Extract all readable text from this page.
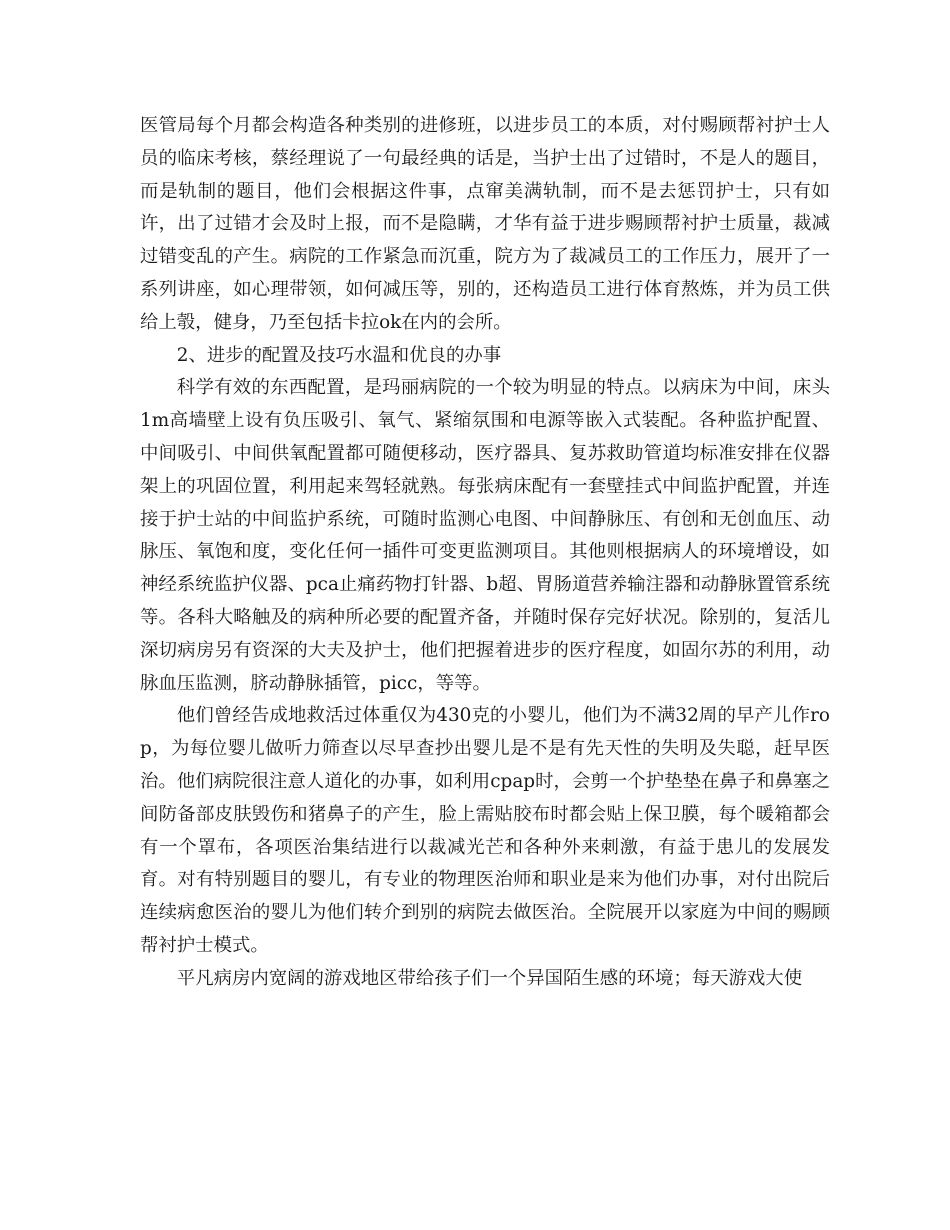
医管局每个月都会构造各种类别的进修班，以进步员工的本质，对付赐顾帮衬护士人员的临床考核，蔡经理说了一句最经典的话是，当护士出了过错时，不是人的题目，而是轨制的题目，他们会根据这件事，点窜美满轨制，而不是去惩罚护士，只有如许，出了过错才会及时上报，而不是隐瞒，才华有益于进步赐顾帮衬护士质量，裁减过错变乱的产生。病院的工作紧急而沉重，院方为了裁减员工的工作压力，展开了一系列讲座，如心理带领，如何减压等，别的，还构造员工进行体育熬炼，并为员工供给上彀，健身，乃至包括卡拉ok在内的会所。

2、进步的配置及技巧水温和优良的办事

科学有效的东西配置，是玛丽病院的一个较为明显的特点。以病床为中间，床头1m高墙壁上设有负压吸引、氧气、紧缩氛围和电源等嵌入式装配。各种监护配置、中间吸引、中间供氧配置都可随便移动，医疗器具、复苏救助管道均标准安排在仪器架上的巩固位置，利用起来驾轻就熟。每张病床配有一套壁挂式中间监护配置，并连接于护士站的中间监护系统，可随时监测心电图、中间静脉压、有创和无创血压、动脉压、氧饱和度，变化任何一插件可变更监测项目。其他则根据病人的环境增设，如神经系统监护仪器、pca止痛药物打针器、b超、胃肠道营养输注器和动静脉置管系统等。各科大略触及的病种所必要的配置齐备，并随时保存完好状况。除别的，复活儿深切病房另有资深的大夫及护士，他们把握着进步的医疗程度，如固尔苏的利用，动脉血压监测，脐动静脉插管，picc，等等。

他们曾经告成地救活过体重仅为430克的小婴儿，他们为不满32周的早产儿作rop，为每位婴儿做听力筛查以尽早查抄出婴儿是不是有先天性的失明及失聪，赶早医治。他们病院很注意人道化的办事，如利用cpap时，会剪一个护垫垫在鼻子和鼻塞之间防备部皮肤毁伤和猪鼻子的产生，脸上需贴胶布时都会贴上保卫膜，每个暖箱都会有一个罩布，各项医治集结进行以裁减光芒和各种外来刺激，有益于患儿的发展发育。对有特别题目的婴儿，有专业的物理医治师和职业是来为他们办事，对付出院后连续病愈医治的婴儿为他们转介到别的病院去做医治。全院展开以家庭为中间的赐顾帮衬护士模式。

平凡病房内宽阔的游戏地区带给孩子们一个异国陌生感的环境；每天游戏大使
